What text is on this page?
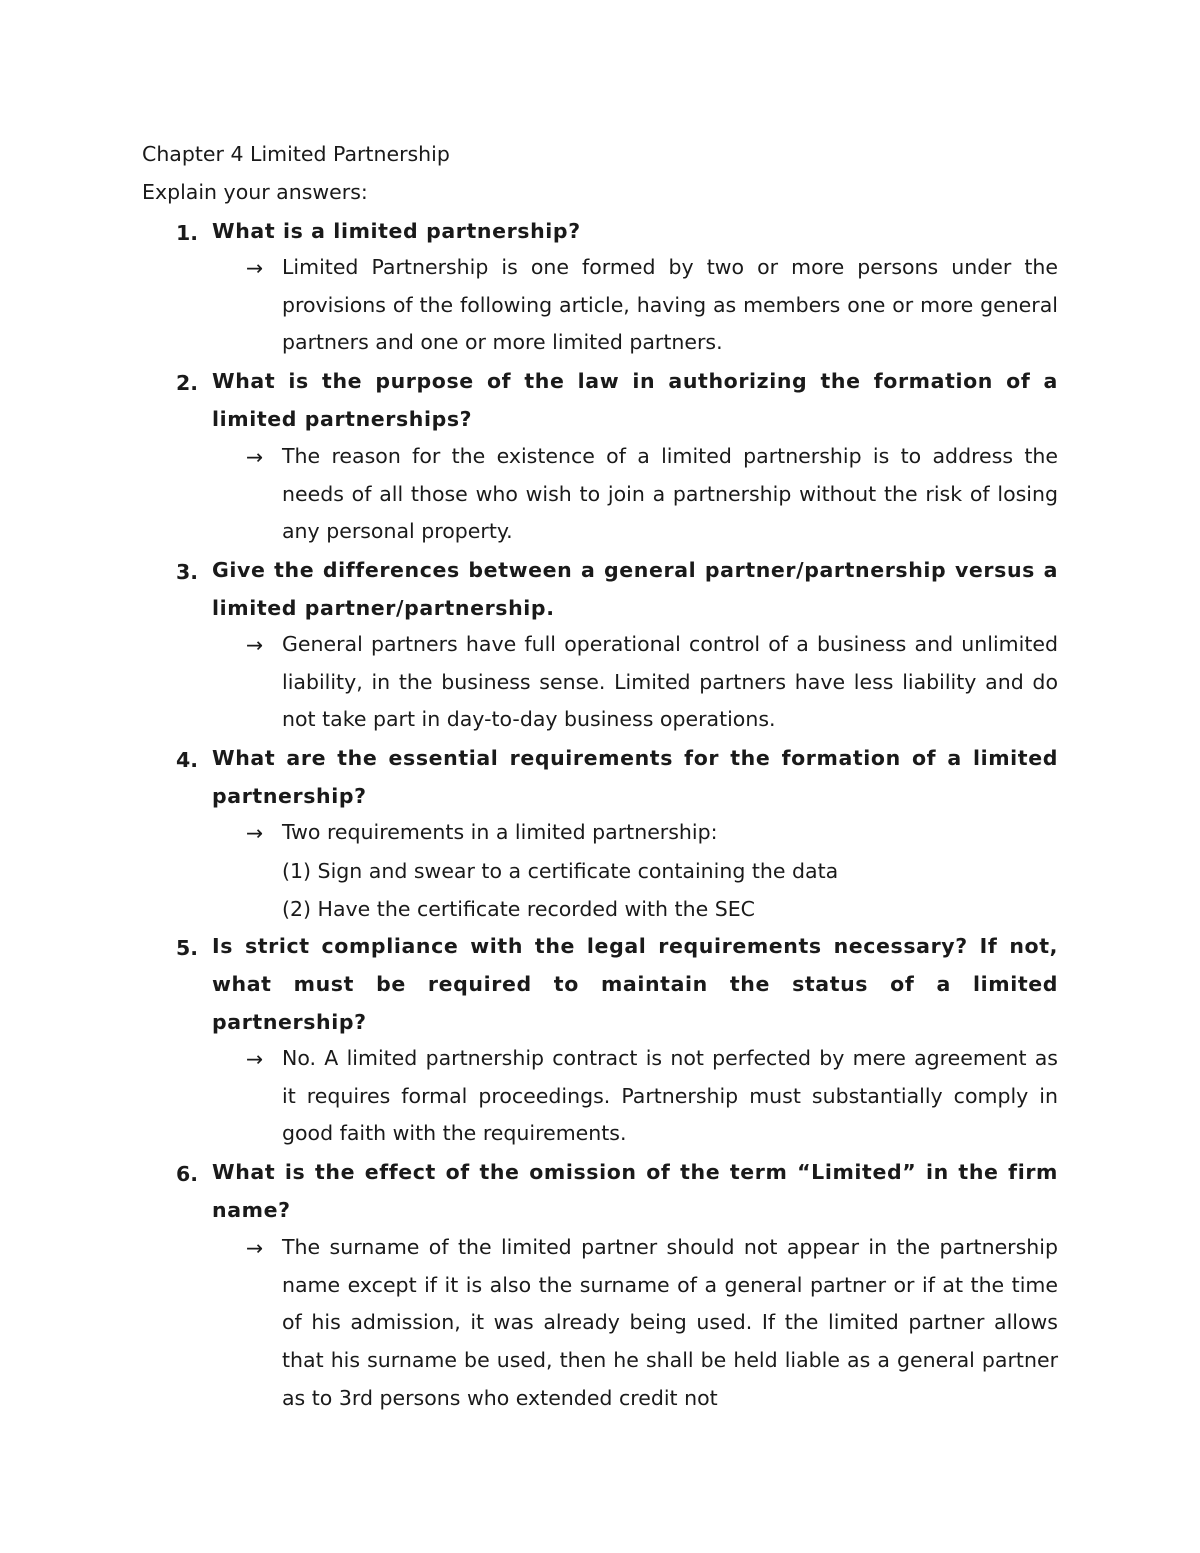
Chapter 4 Limited Partnership
Explain your answers:
1. What is a limited partnership?
→ Limited Partnership is one formed by two or more persons under the provisions of the following article, having as members one or more general partners and one or more limited partners.
2. What is the purpose of the law in authorizing the formation of a limited partnerships?
→ The reason for the existence of a limited partnership is to address the needs of all those who wish to join a partnership without the risk of losing any personal property.
3. Give the differences between a general partner/partnership versus a limited partner/partnership.
→ General partners have full operational control of a business and unlimited liability, in the business sense. Limited partners have less liability and do not take part in day-to-day business operations.
4. What are the essential requirements for the formation of a limited partnership?
→ Two requirements in a limited partnership:
(1) Sign and swear to a certificate containing the data
(2) Have the certificate recorded with the SEC
5. Is strict compliance with the legal requirements necessary? If not, what must be required to maintain the status of a limited partnership?
→ No. A limited partnership contract is not perfected by mere agreement as it requires formal proceedings. Partnership must substantially comply in good faith with the requirements.
6. What is the effect of the omission of the term “Limited” in the firm name?
→ The surname of the limited partner should not appear in the partnership name except if it is also the surname of a general partner or if at the time of his admission, it was already being used. If the limited partner allows that his surname be used, then he shall be held liable as a general partner as to 3rd persons who extended credit not
